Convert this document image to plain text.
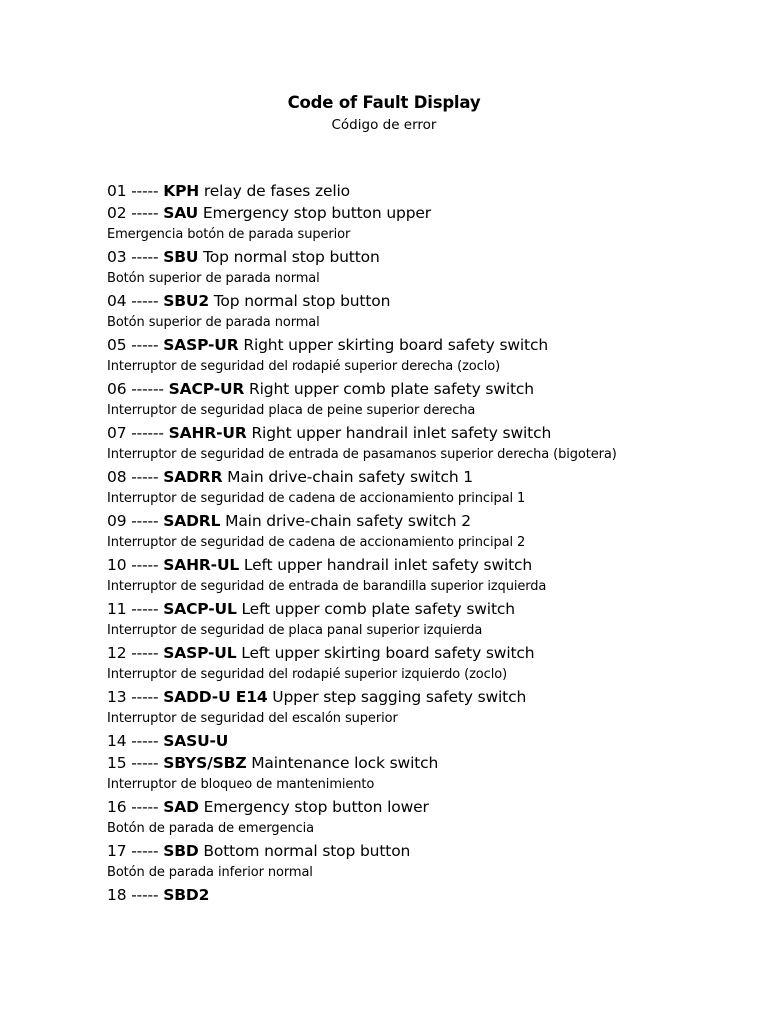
Code of Fault Display
Código de error
01 ----- KPH relay de fases zelio
02 ----- SAU Emergency stop button upper
Emergencia botón de parada superior
03 ----- SBU Top normal stop button
Botón superior de parada normal
04 ----- SBU2 Top normal stop button
Botón superior de parada normal
05 ----- SASP-UR Right upper skirting board safety switch
Interruptor de seguridad del rodapié superior derecha (zoclo)
06 ------ SACP-UR Right upper comb plate safety switch
Interruptor de seguridad placa de peine superior derecha
07 ------ SAHR-UR Right upper handrail inlet safety switch
Interruptor de seguridad de entrada de pasamanos superior derecha (bigotera)
08 ----- SADRR Main drive-chain safety switch 1
Interruptor de seguridad de cadena de accionamiento principal 1
09 ----- SADRL Main drive-chain safety switch 2
Interruptor de seguridad de cadena de accionamiento principal 2
10 ----- SAHR-UL Left upper handrail inlet safety switch
Interruptor de seguridad de entrada de barandilla superior izquierda
11 ----- SACP-UL Left upper comb plate safety switch
Interruptor de seguridad de placa panal superior izquierda
12 ----- SASP-UL Left upper skirting board safety switch
Interruptor de seguridad del rodapié superior izquierdo (zoclo)
13 ----- SADD-U E14 Upper step sagging safety switch
Interruptor de seguridad del escalón superior
14 ----- SASU-U
15 ----- SBYS/SBZ Maintenance lock switch
Interruptor de bloqueo de mantenimiento
16 ----- SAD Emergency stop button lower
Botón de parada de emergencia
17 ----- SBD Bottom normal stop button
Botón de parada inferior normal
18 ----- SBD2
